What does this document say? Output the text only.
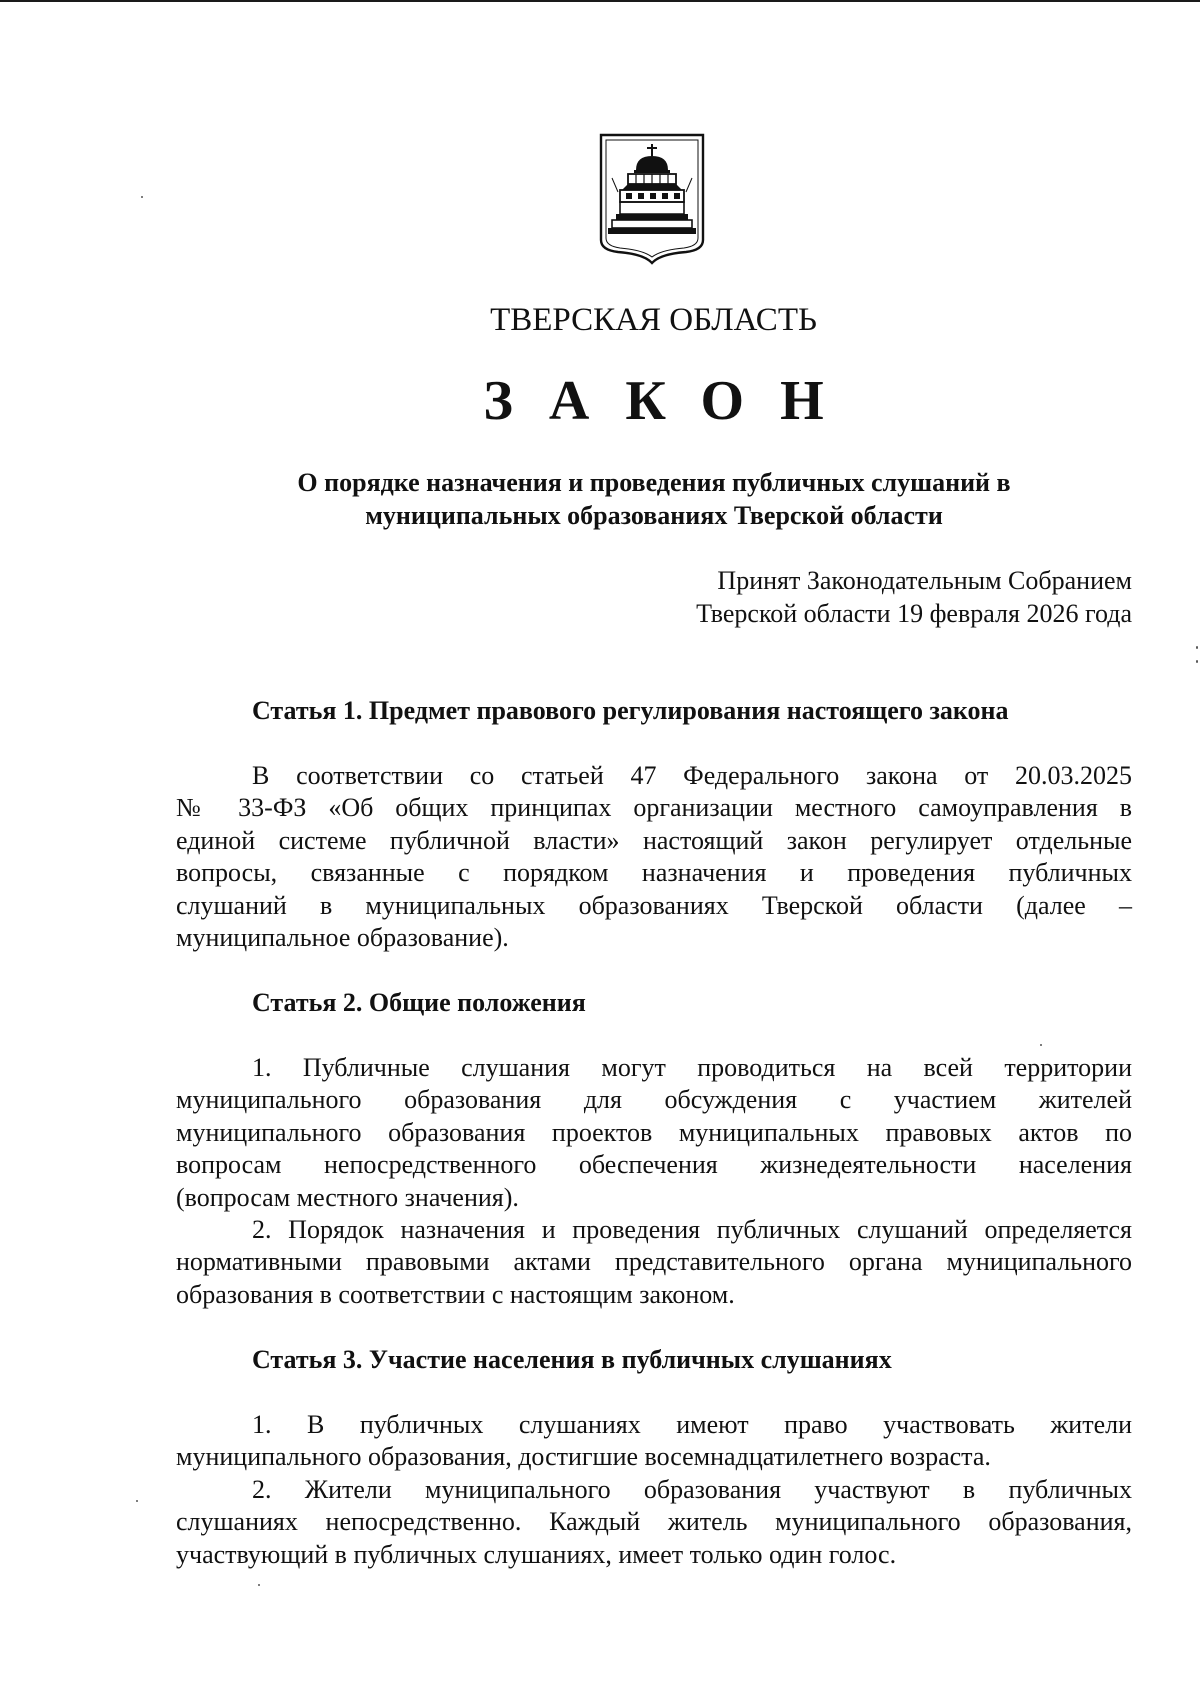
ТВЕРСКАЯ ОБЛАСТЬ
ЗАКОН
О порядке назначения и проведения публичных слушаний в
муниципальных образованиях Тверской области
Принят Законодательным Собранием
Тверской области 19 февраля 2026 года
Статья 1. Предмет правового регулирования настоящего закона
В соответствии со статьей 47 Федерального закона от 20.03.2025
№ 33-ФЗ «Об общих принципах организации местного самоуправления в
единой системе публичной власти» настоящий закон регулирует отдельные
вопросы, связанные с порядком назначения и проведения публичных
слушаний в муниципальных образованиях Тверской области (далее –
муниципальное образование).
Статья 2. Общие положения
1. Публичные слушания могут проводиться на всей территории
муниципального образования для обсуждения с участием жителей
муниципального образования проектов муниципальных правовых актов по
вопросам непосредственного обеспечения жизнедеятельности населения
(вопросам местного значения).
2. Порядок назначения и проведения публичных слушаний определяется
нормативными правовыми актами представительного органа муниципального
образования в соответствии с настоящим законом.
Статья 3. Участие населения в публичных слушаниях
1. В публичных слушаниях имеют право участвовать жители
муниципального образования, достигшие восемнадцатилетнего возраста.
2. Жители муниципального образования участвуют в публичных
слушаниях непосредственно. Каждый житель муниципального образования,
участвующий в публичных слушаниях, имеет только один голос.
